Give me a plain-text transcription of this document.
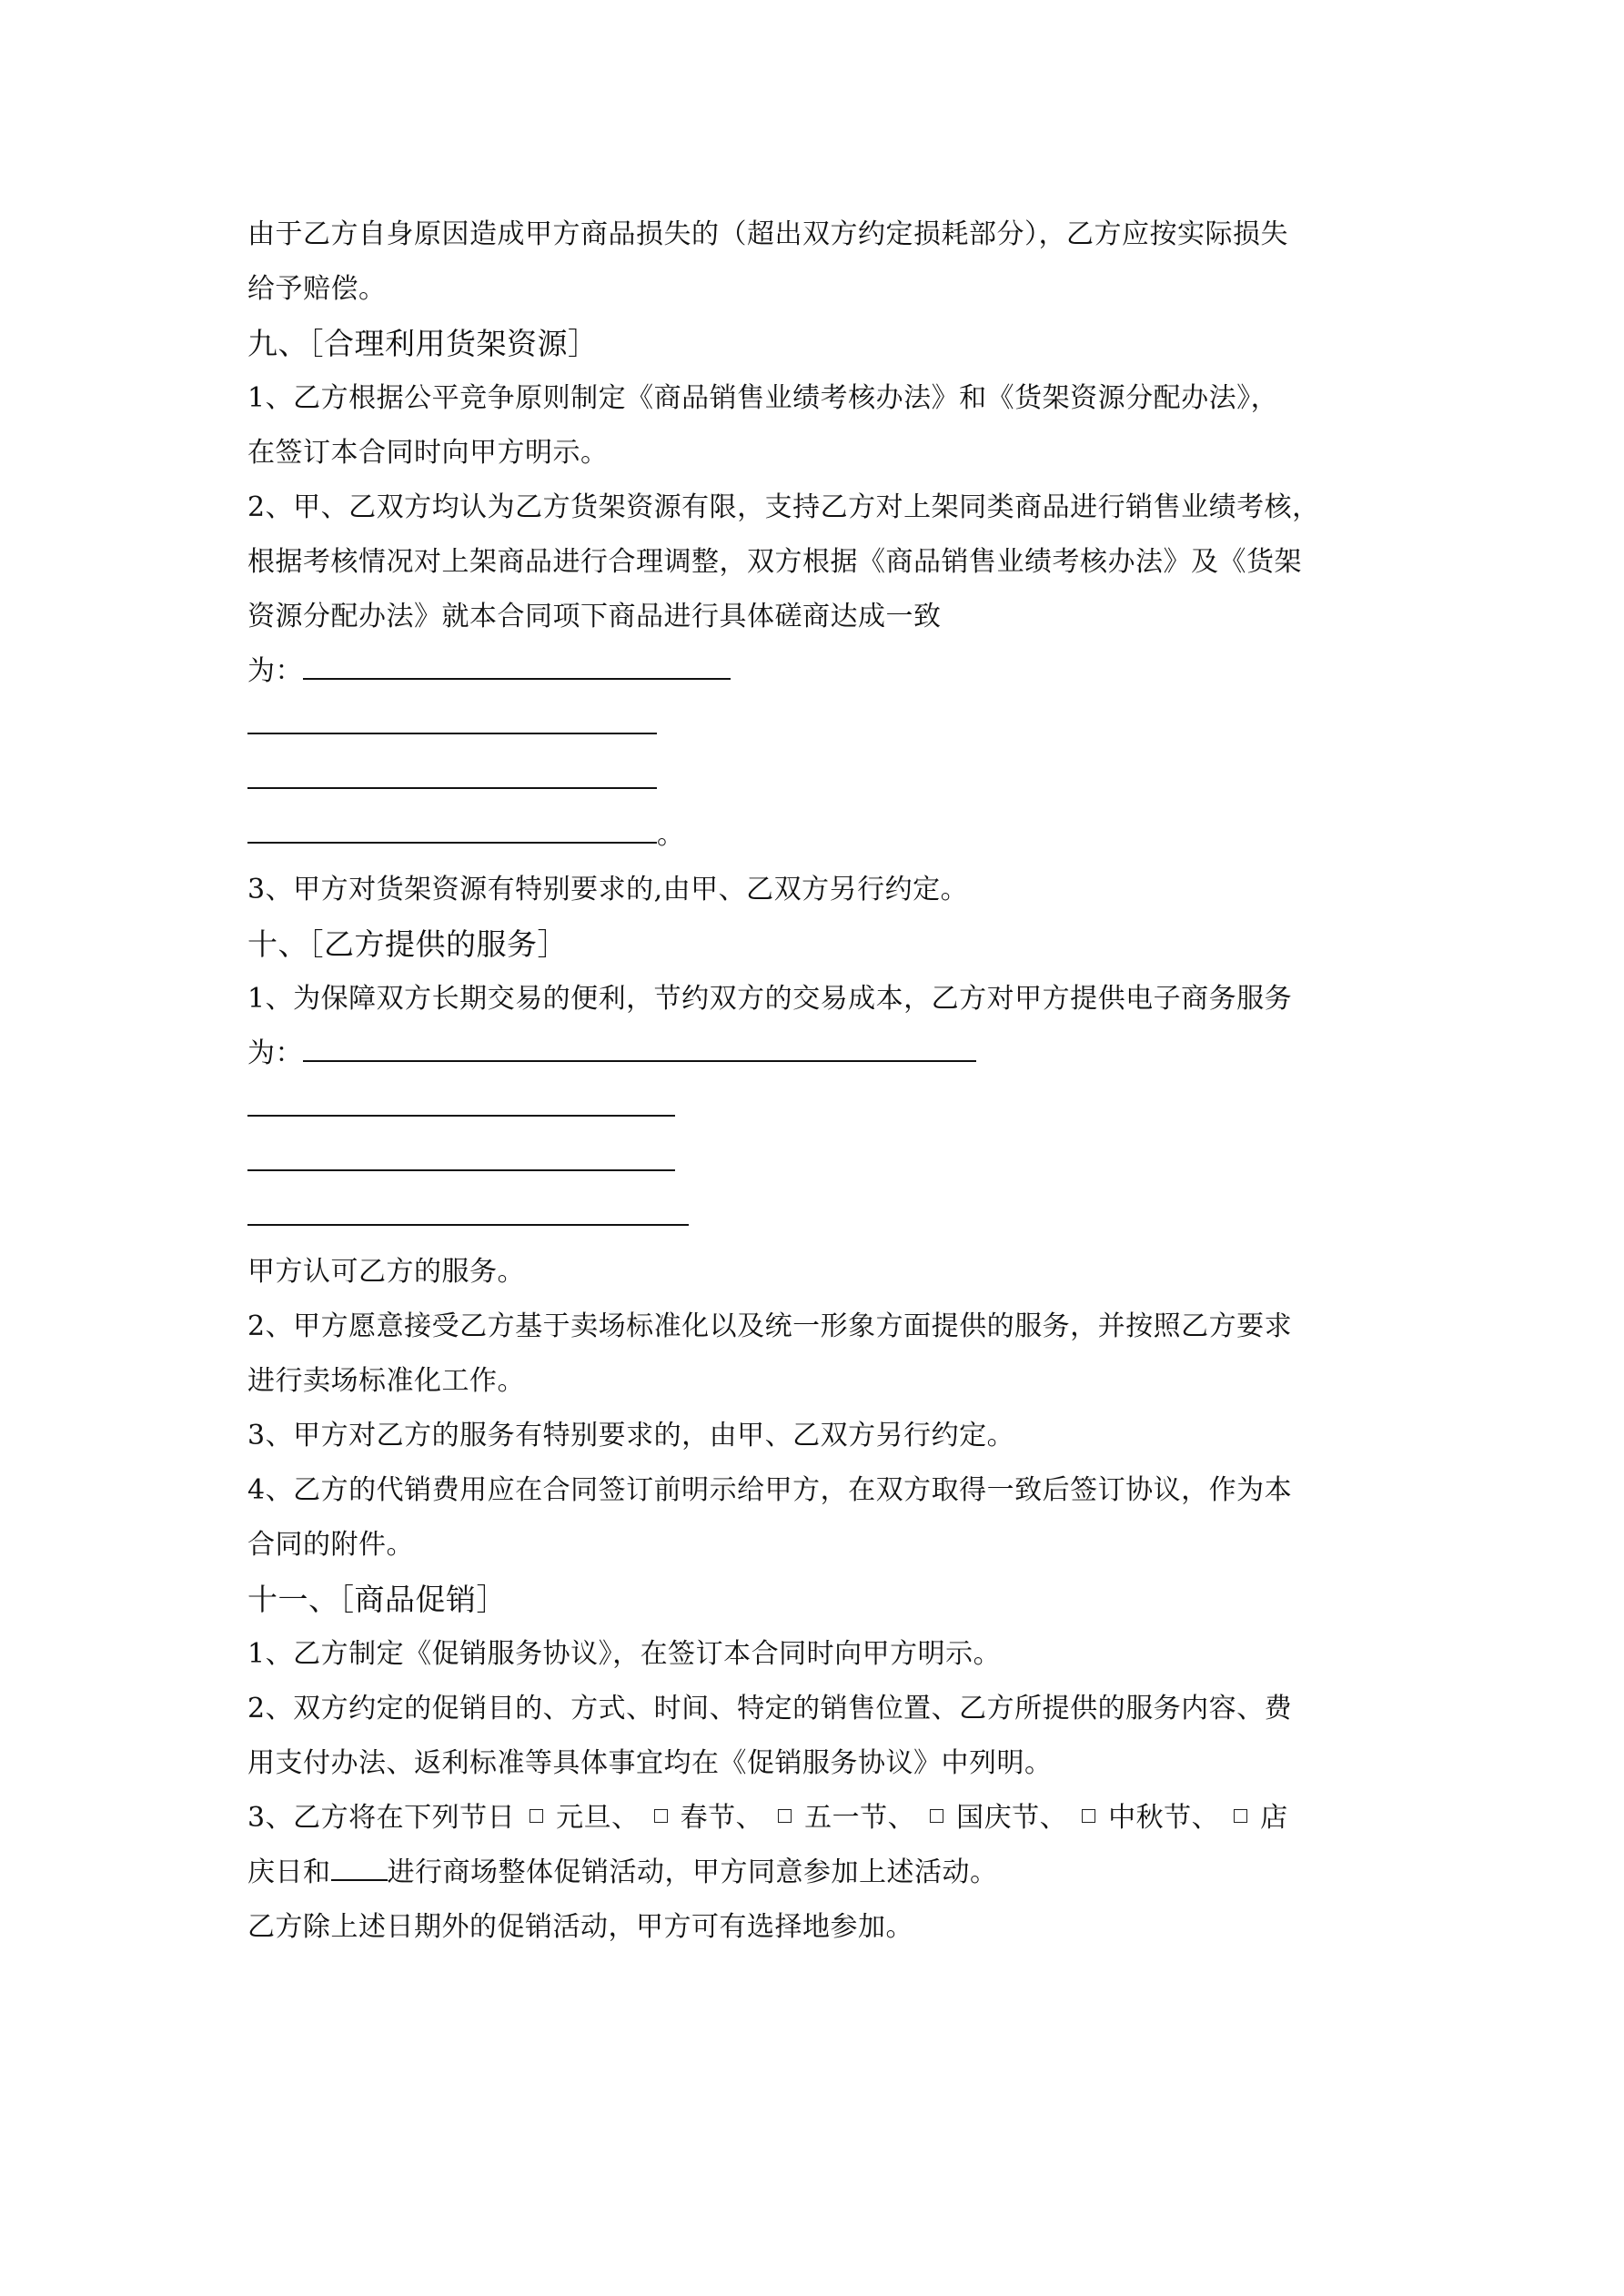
由于乙方自身原因造成甲方商品损失的（超出双方约定损耗部分），乙方应按实际损失
给予赔偿。
九、［合理利用货架资源］
1、乙方根据公平竞争原则制定《商品销售业绩考核办法》和《货架资源分配办法》，
在签订本合同时向甲方明示。
2、甲、乙双方均认为乙方货架资源有限，支持乙方对上架同类商品进行销售业绩考核，
根据考核情况对上架商品进行合理调整，双方根据《商品销售业绩考核办法》及《货架
资源分配办法》就本合同项下商品进行具体磋商达成一致
为：
。
3、甲方对货架资源有特别要求的,由甲、乙双方另行约定。
十、［乙方提供的服务］
1、为保障双方长期交易的便利，节约双方的交易成本，乙方对甲方提供电子商务服务
为：
甲方认可乙方的服务。
2、甲方愿意接受乙方基于卖场标准化以及统一形象方面提供的服务，并按照乙方要求
进行卖场标准化工作。
3、甲方对乙方的服务有特别要求的，由甲、乙双方另行约定。
4、乙方的代销费用应在合同签订前明示给甲方，在双方取得一致后签订协议，作为本
合同的附件。
十一、［商品促销］
1、乙方制定《促销服务协议》，在签订本合同时向甲方明示。
2、双方约定的促销目的、方式、时间、特定的销售位置、乙方所提供的服务内容、费
用支付办法、返利标准等具体事宜均在《促销服务协议》中列明。
3、乙方将在下列节日 元旦、 春节、 五一节、 国庆节、 中秋节、 店
庆日和 进行商场整体促销活动，甲方同意参加上述活动。
乙方除上述日期外的促销活动，甲方可有选择地参加。
